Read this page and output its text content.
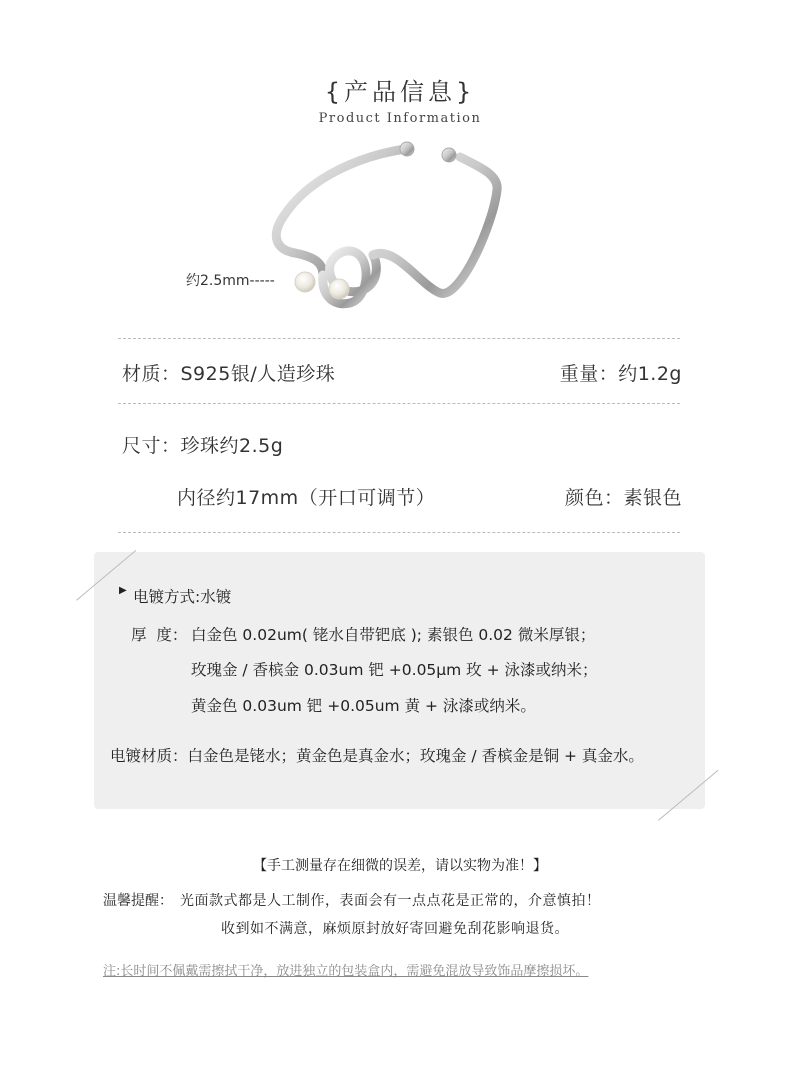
{产品信息}
Product Information
约2.5mm-----
材质：S925银/人造珍珠	重量：约1.2g
尺寸：珍珠约2.5g
内径约17mm（开口可调节）	颜色：素银色
▶ 电镀方式:水镀
厚  度： 白金色 0.02um( 铑水自带钯底 ); 素银色 0.02 微米厚银；
玫瑰金 / 香槟金 0.03um 钯 +0.05μm 玫 + 泳漆或纳米；
黄金色 0.03um 钯 +0.05um 黄 + 泳漆或纳米。
电镀材质：白金色是铑水；黄金色是真金水；玫瑰金 / 香槟金是铜 + 真金水。
【手工测量存在细微的误差，请以实物为准！】
温馨提醒： 光面款式都是人工制作，表面会有一点点花是正常的，介意慎拍！
收到如不满意，麻烦原封放好寄回避免刮花影响退货。
注:长时间不佩戴需擦拭干净，放进独立的包装盒内，需避免混放导致饰品摩擦损坏。
